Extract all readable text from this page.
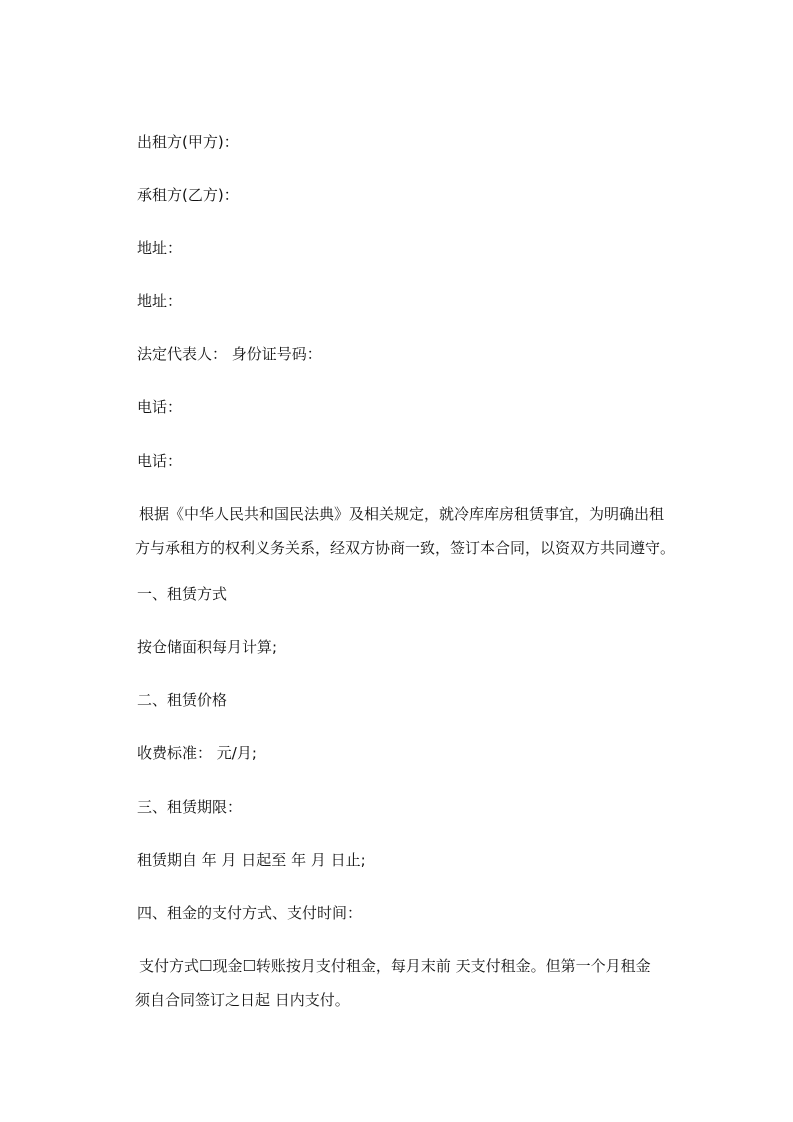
出租方(甲方)：
承租方(乙方)：
地址：
地址：
法定代表人： 身份证号码：
电话：
电话：
根据《中华人民共和国民法典》及相关规定，就冷库库房租赁事宜，为明确出租
方与承租方的权利义务关系，经双方协商一致，签订本合同，以资双方共同遵守。
一、租赁方式
按仓储面积每月计算;
二、租赁价格
收费标准： 元/月;
三、租赁期限：
租赁期自 年 月 日起至 年 月 日止;
四、租金的支付方式、支付时间：
支付方式☐现金☐转账按月支付租金，每月末前 天支付租金。但第一个月租金
须自合同签订之日起 日内支付。
